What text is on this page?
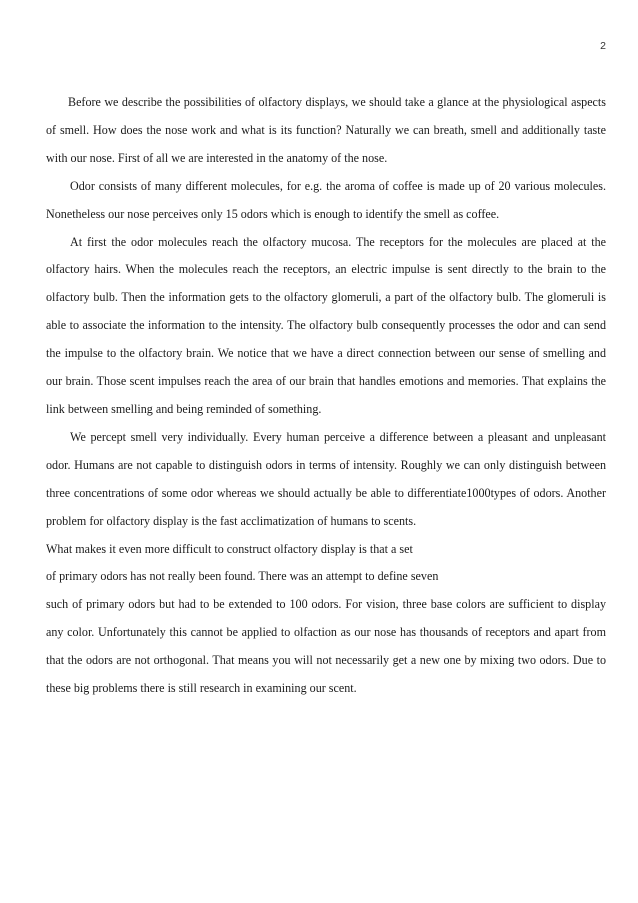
2

Before we describe the possibilities of olfactory displays, we should take a glance at the physiological aspects of smell. How does the nose work and what is its function? Naturally we can breath, smell and additionally taste with our nose. First of all we are interested in the anatomy of the nose.

Odor consists of many different molecules, for e.g. the aroma of coffee is made up of 20 various molecules. Nonetheless our nose perceives only 15 odors which is enough to identify the smell as coffee.

At first the odor molecules reach the olfactory mucosa. The receptors for the molecules are placed at the olfactory hairs. When the molecules reach the receptors, an electric impulse is sent directly to the brain to the olfactory bulb. Then the information gets to the olfactory glomeruli, a part of the olfactory bulb. The glomeruli is able to associate the information to the intensity. The olfactory bulb consequently processes the odor and can send the impulse to the olfactory brain. We notice that we have a direct connection between our sense of smelling and our brain. Those scent impulses reach the area of our brain that handles emotions and memories. That explains the link between smelling and being reminded of something.

We percept smell very individually. Every human perceive a difference between a pleasant and unpleasant odor. Humans are not capable to distinguish odors in terms of intensity. Roughly we can only distinguish between three concentrations of some odor whereas we should actually be able to differentiate1000types of odors. Another problem for olfactory display is the fast acclimatization of humans to scents.

What makes it even more difficult to construct olfactory display is that a set

of primary odors has not really been found. There was an attempt to define seven

such of primary odors but had to be extended to 100 odors. For vision, three base colors are sufficient to display any color. Unfortunately this cannot be applied to olfaction as our nose has thousands of receptors and apart from that the odors are not orthogonal. That means you will not necessarily get a new one by mixing two odors. Due to these big problems there is still research in examining our scent.
